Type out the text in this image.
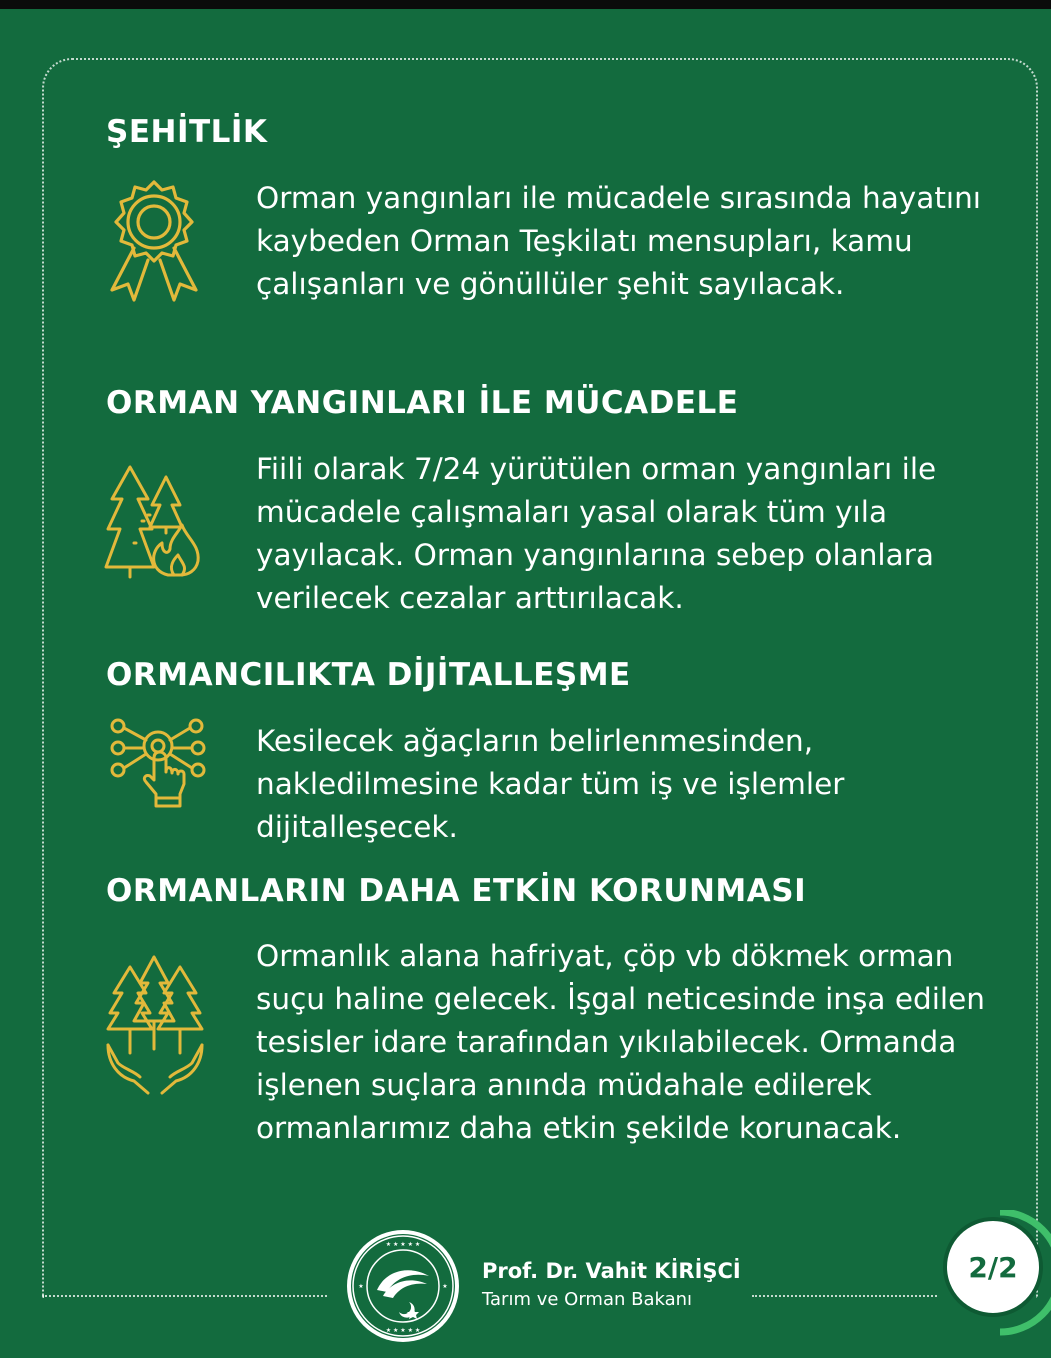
ŞEHİTLİK

Orman yangınları ile mücadele sırasında hayatını kaybeden Orman Teşkilatı mensupları, kamu çalışanları ve gönüllüler şehit sayılacak.

ORMAN YANGINLARI İLE MÜCADELE

Fiili olarak 7/24 yürütülen orman yangınları ile mücadele çalışmaları yasal olarak tüm yıla yayılacak. Orman yangınlarına sebep olanlara verilecek cezalar arttırılacak.

ORMANCILIKTA DİJİTALLEŞME

Kesilecek ağaçların belirlenmesinden, nakledilmesine kadar tüm iş ve işlemler dijitalleşecek.

ORMANLARIN DAHA ETKİN KORUNMASI

Ormanlık alana hafriyat, çöp vb dökmek orman suçu haline gelecek. İşgal neticesinde inşa edilen tesisler idare tarafından yıkılabilecek. Ormanda işlenen suçlara anında müdahale edilerek ormanlarımız daha etkin şekilde korunacak.

★ ★ ★ ★ ★
★ ★ ★ ★ ★
★	★

Prof. Dr. Vahit KİRİŞCİ

Tarım ve Orman Bakanı

2/2
